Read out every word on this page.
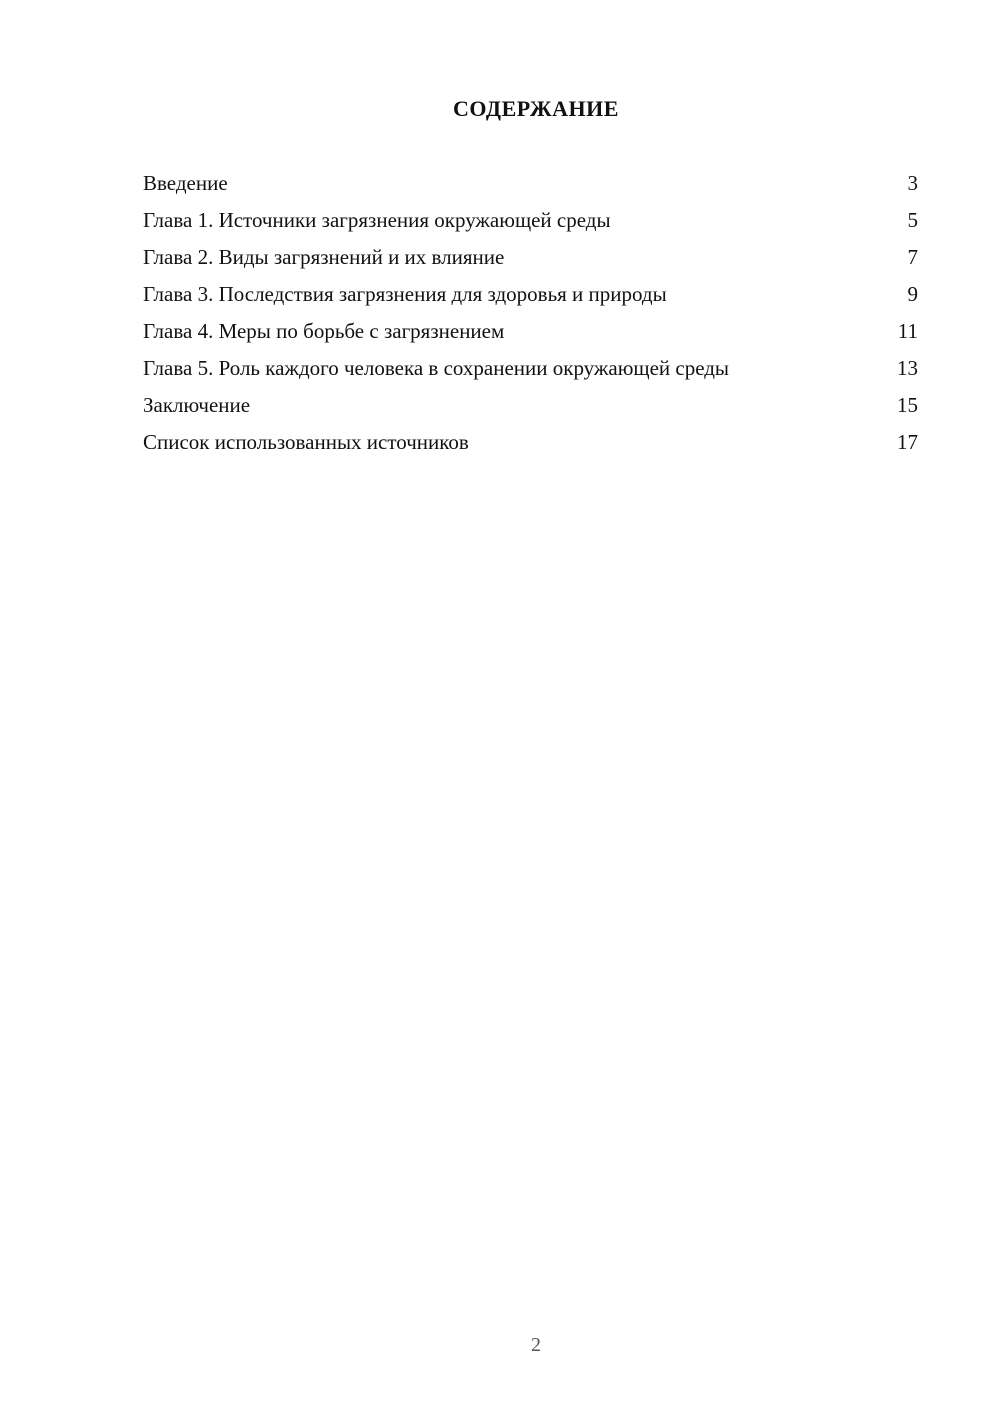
СОДЕРЖАНИЕ
Введение	3
Глава 1. Источники загрязнения окружающей среды	5
Глава 2. Виды загрязнений и их влияние	7
Глава 3. Последствия загрязнения для здоровья и природы	9
Глава 4. Меры по борьбе с загрязнением	11
Глава 5. Роль каждого человека в сохранении окружающей среды	13
Заключение	15
Список использованных источников	17
2
